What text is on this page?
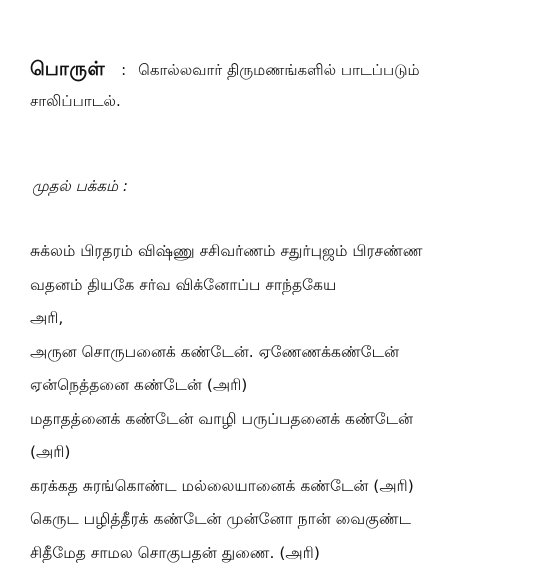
பொருள் : கொல்லவார் திருமணங்களில் பாடப்படும்
சாலிப்பாடல்.
முதல் பக்கம் :
சுக்லம் பிரதரம் விஷ்ணு சசிவர்ணம் சதுர்புஜம் பிரசண்ண
வதனம் தியகே சர்வ விக்னோப்ப சாந்தகேய
அரி,
அருன சொருபனைக் கண்டேன். ஏணேணக்கண்டேன்
ஏன்நெத்தனை கண்டேன் (அரி)
மதாதத்னைக் கண்டேன் வாழி பருப்பதனைக் கண்டேன்
(அரி)
கரக்கத சுரங்கொண்ட மல்லையானைக் கண்டேன் (அரி)
கெருட பழித்தீரக் கண்டேன் முன்னோ நான் வைகுண்ட
சிதீமேத சாமல சொகுபதன் துணை. (அரி)
